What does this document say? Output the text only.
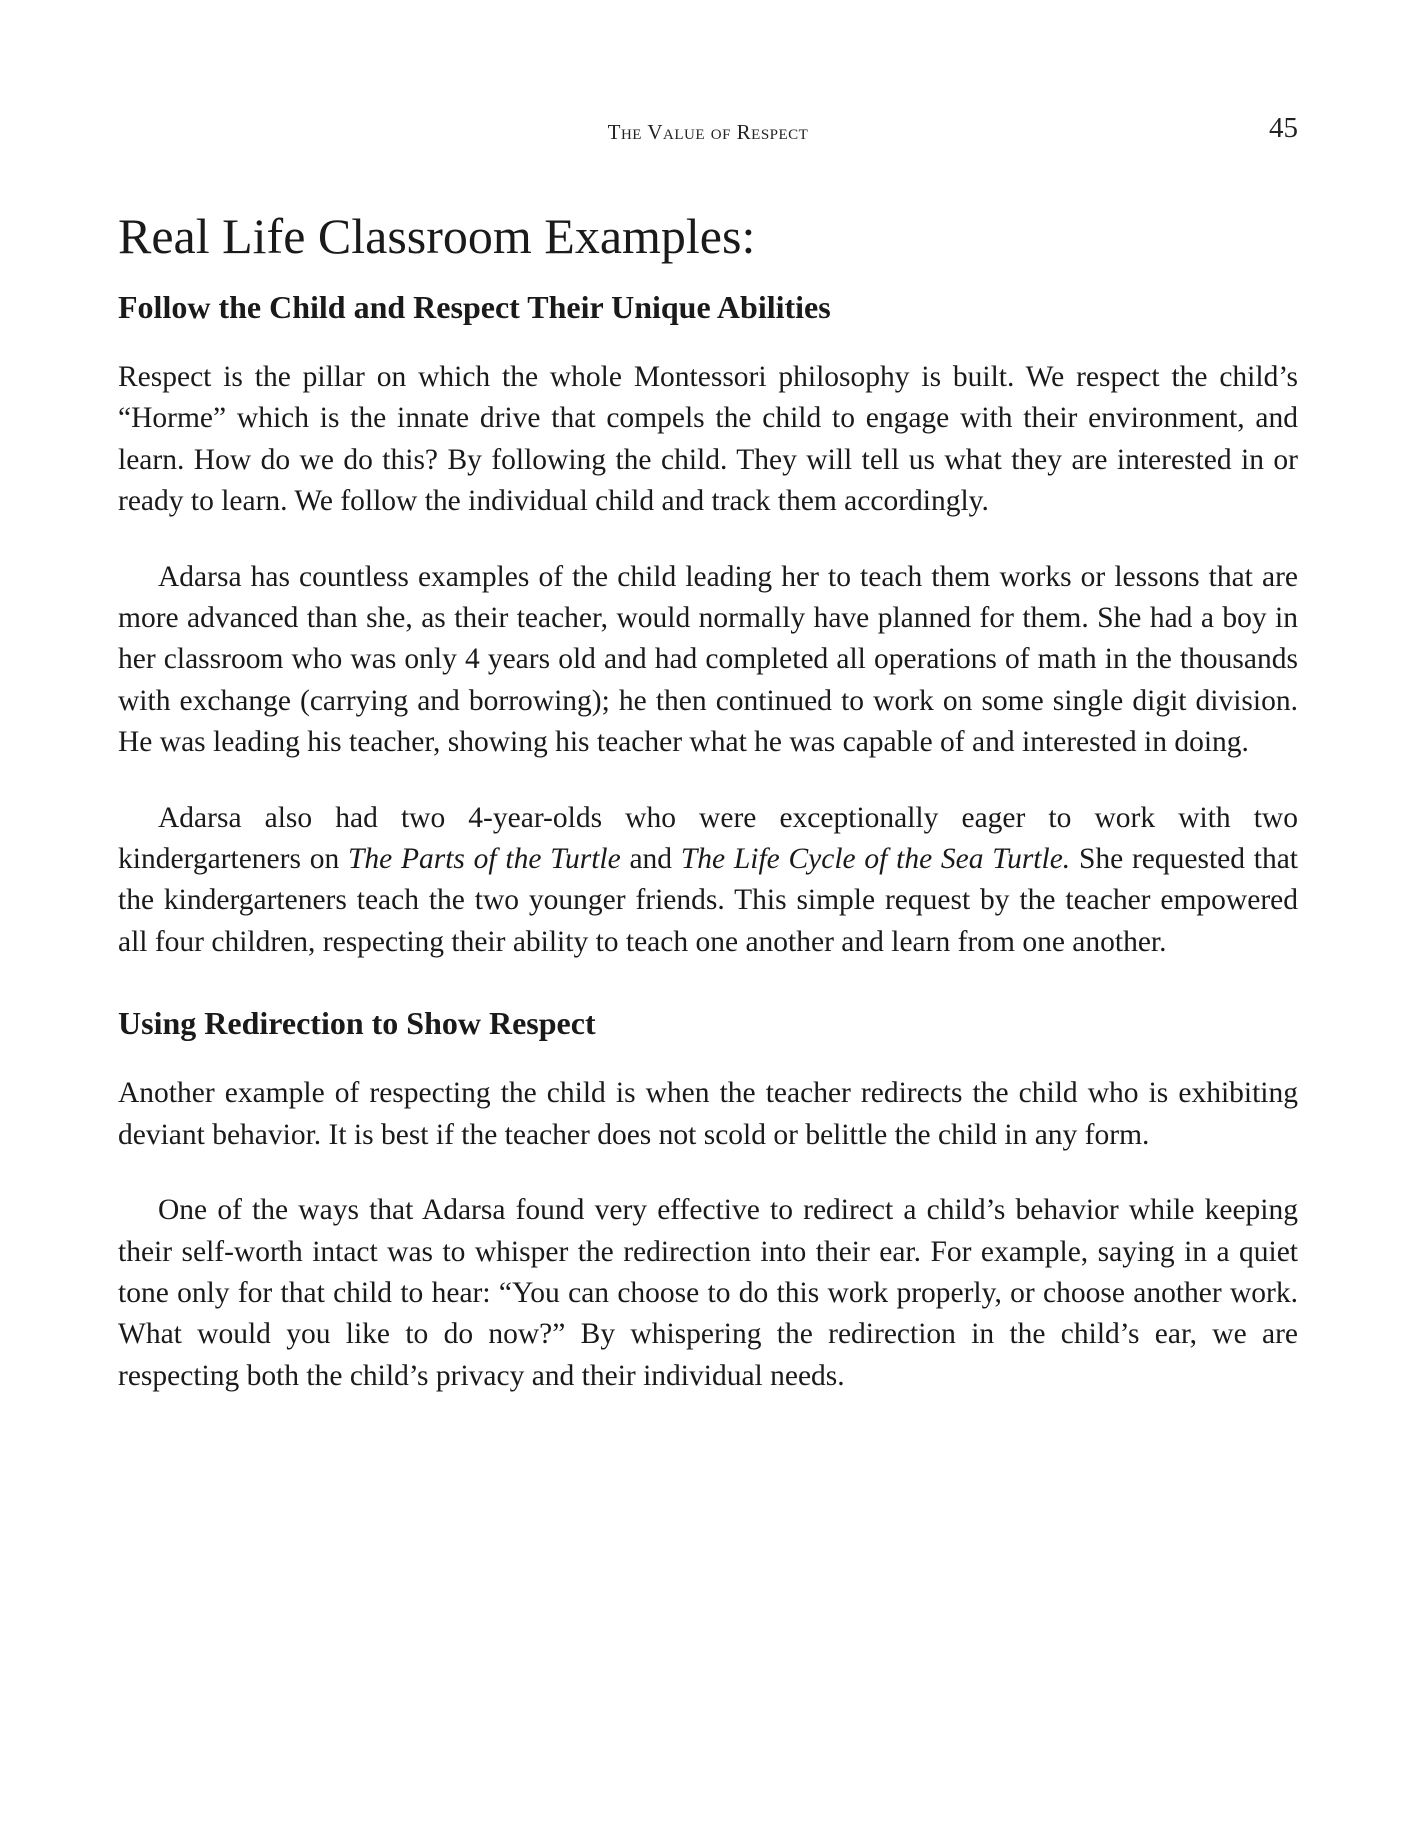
The Value of Respect	45
Real Life Classroom Examples:
Follow the Child and Respect Their Unique Abilities

Respect is the pillar on which the whole Montessori philosophy is built. We respect the child’s “Horme” which is the innate drive that compels the child to engage with their environment, and learn. How do we do this? By following the child. They will tell us what they are interested in or ready to learn. We follow the individual child and track them accordingly.

Adarsa has countless examples of the child leading her to teach them works or lessons that are more advanced than she, as their teacher, would normally have planned for them. She had a boy in her classroom who was only 4 years old and had completed all operations of math in the thousands with exchange (carrying and borrowing); he then continued to work on some single digit division. He was leading his teacher, showing his teacher what he was capable of and interested in doing.

Adarsa also had two 4-year-olds who were exceptionally eager to work with two kindergarteners on The Parts of the Turtle and The Life Cycle of the Sea Turtle. She requested that the kindergarteners teach the two younger friends. This simple request by the teacher empowered all four children, respecting their ability to teach one another and learn from one another.

Using Redirection to Show Respect

Another example of respecting the child is when the teacher redirects the child who is exhibiting deviant behavior. It is best if the teacher does not scold or belittle the child in any form.

One of the ways that Adarsa found very effective to redirect a child’s behavior while keeping their self-worth intact was to whisper the redirection into their ear. For example, saying in a quiet tone only for that child to hear: “You can choose to do this work properly, or choose another work. What would you like to do now?” By whispering the redirection in the child’s ear, we are respecting both the child’s privacy and their individual needs.
